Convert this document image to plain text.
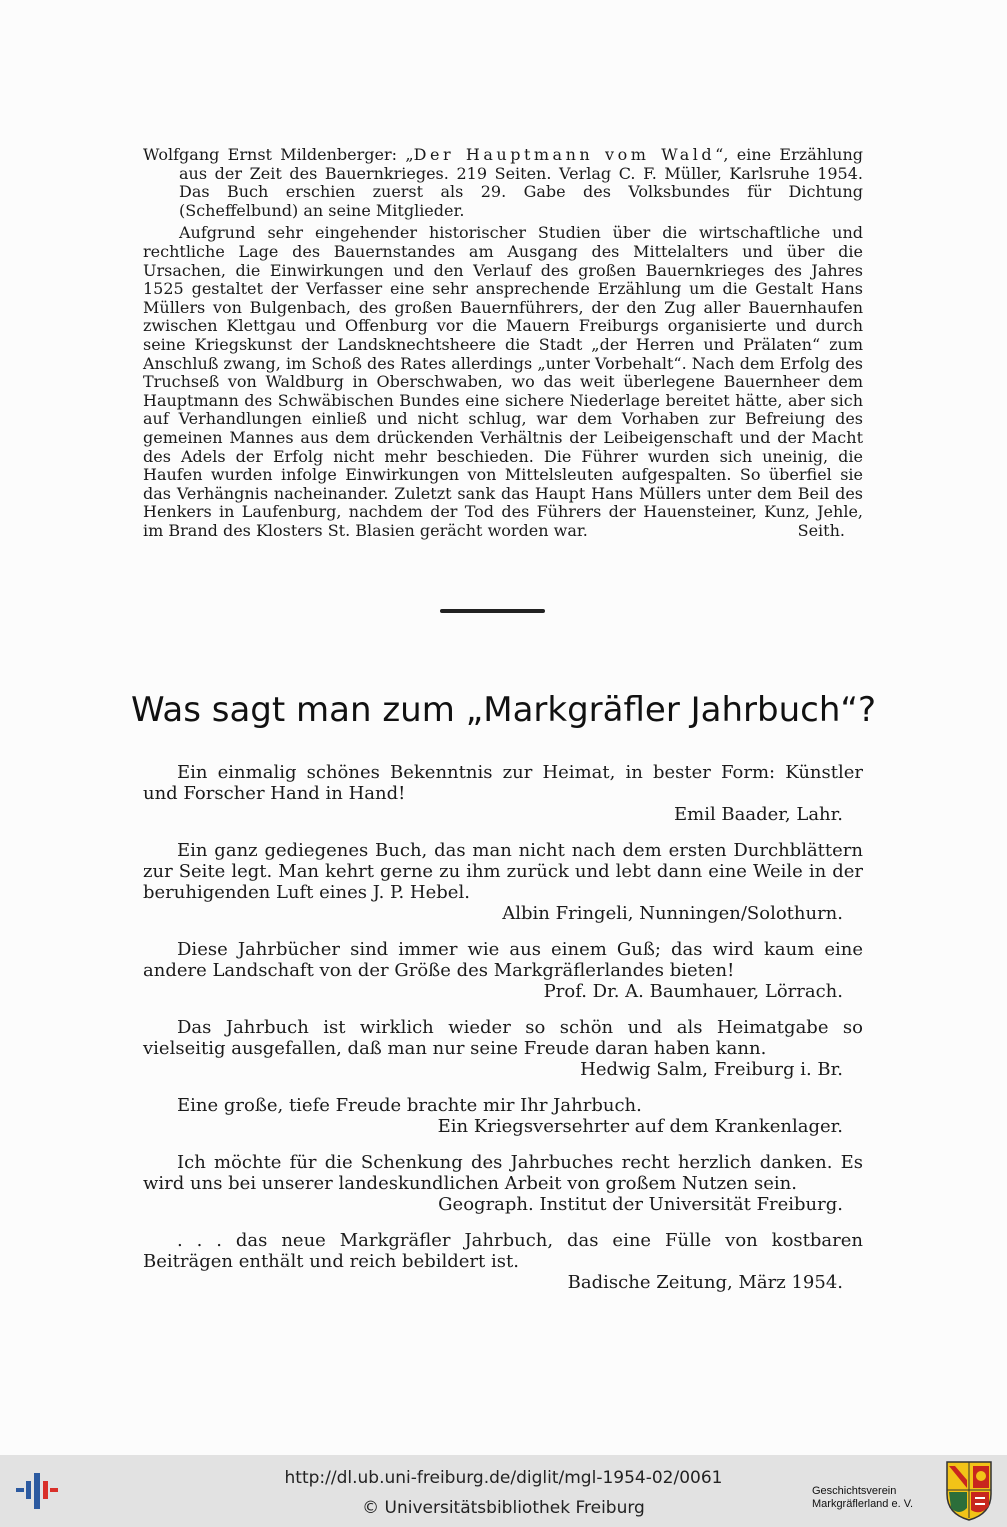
Wolfgang Ernst Mildenberger: „Der Hauptmann vom Wald“, eine Erzählung aus der Zeit des Bauernkrieges. 219 Seiten. Verlag C. F. Müller, Karlsruhe 1954. Das Buch erschien zuerst als 29. Gabe des Volksbundes für Dichtung (Scheffelbund) an seine Mitglieder.

Aufgrund sehr eingehender historischer Studien über die wirtschaftliche und rechtliche Lage des Bauernstandes am Ausgang des Mittelalters und über die Ursachen, die Einwirkungen und den Verlauf des großen Bauernkrieges des Jahres 1525 gestaltet der Verfasser eine sehr ansprechende Erzählung um die Gestalt Hans Müllers von Bulgenbach, des großen Bauernführers, der den Zug aller Bauernhaufen zwischen Klettgau und Offenburg vor die Mauern Freiburgs organisierte und durch seine Kriegskunst der Landsknechtsheere die Stadt „der Herren und Prälaten“ zum Anschluß zwang, im Schoß des Rates allerdings „unter Vorbehalt“. Nach dem Erfolg des Truchseß von Waldburg in Oberschwaben, wo das weit überlegene Bauernheer dem Hauptmann des Schwäbischen Bundes eine sichere Niederlage bereitet hätte, aber sich auf Verhandlungen einließ und nicht schlug, war dem Vorhaben zur Befreiung des gemeinen Mannes aus dem drückenden Verhältnis der Leibeigenschaft und der Macht des Adels der Erfolg nicht mehr beschieden. Die Führer wurden sich uneinig, die Haufen wurden infolge Einwirkungen von Mittelsleuten aufgespalten. So überfiel sie das Verhängnis nacheinander. Zuletzt sank das Haupt Hans Müllers unter dem Beil des Henkers in Laufenburg, nachdem der Tod des Führers der Hauensteiner, Kunz, Jehle, im Brand des Klosters St. Blasien gerächt worden war.	Seith.

Was sagt man zum „Markgräfler Jahrbuch“?

Ein einmalig schönes Bekenntnis zur Heimat, in bester Form: Künstler und Forscher Hand in Hand!

Emil Baader, Lahr.

Ein ganz gediegenes Buch, das man nicht nach dem ersten Durchblättern zur Seite legt. Man kehrt gerne zu ihm zurück und lebt dann eine Weile in der beruhigenden Luft eines J. P. Hebel.

Albin Fringeli, Nunningen/Solothurn.

Diese Jahrbücher sind immer wie aus einem Guß; das wird kaum eine andere Landschaft von der Größe des Markgräflerlandes bieten!

Prof. Dr. A. Baumhauer, Lörrach.

Das Jahrbuch ist wirklich wieder so schön und als Heimatgabe so vielseitig ausgefallen, daß man nur seine Freude daran haben kann.

Hedwig Salm, Freiburg i. Br.

Eine große, tiefe Freude brachte mir Ihr Jahrbuch.

Ein Kriegsversehrter auf dem Krankenlager.

Ich möchte für die Schenkung des Jahrbuches recht herzlich danken. Es wird uns bei unserer landeskundlichen Arbeit von großem Nutzen sein.

Geograph. Institut der Universität Freiburg.

. . . das neue Markgräfler Jahrbuch, das eine Fülle von kostbaren Beiträgen enthält und reich bebildert ist.

Badische Zeitung, März 1954.

http://dl.ub.uni-freiburg.de/diglit/mgl-1954-02/0061
© Universitätsbibliothek Freiburg
Geschichtsverein
Markgräflerland e. V.
